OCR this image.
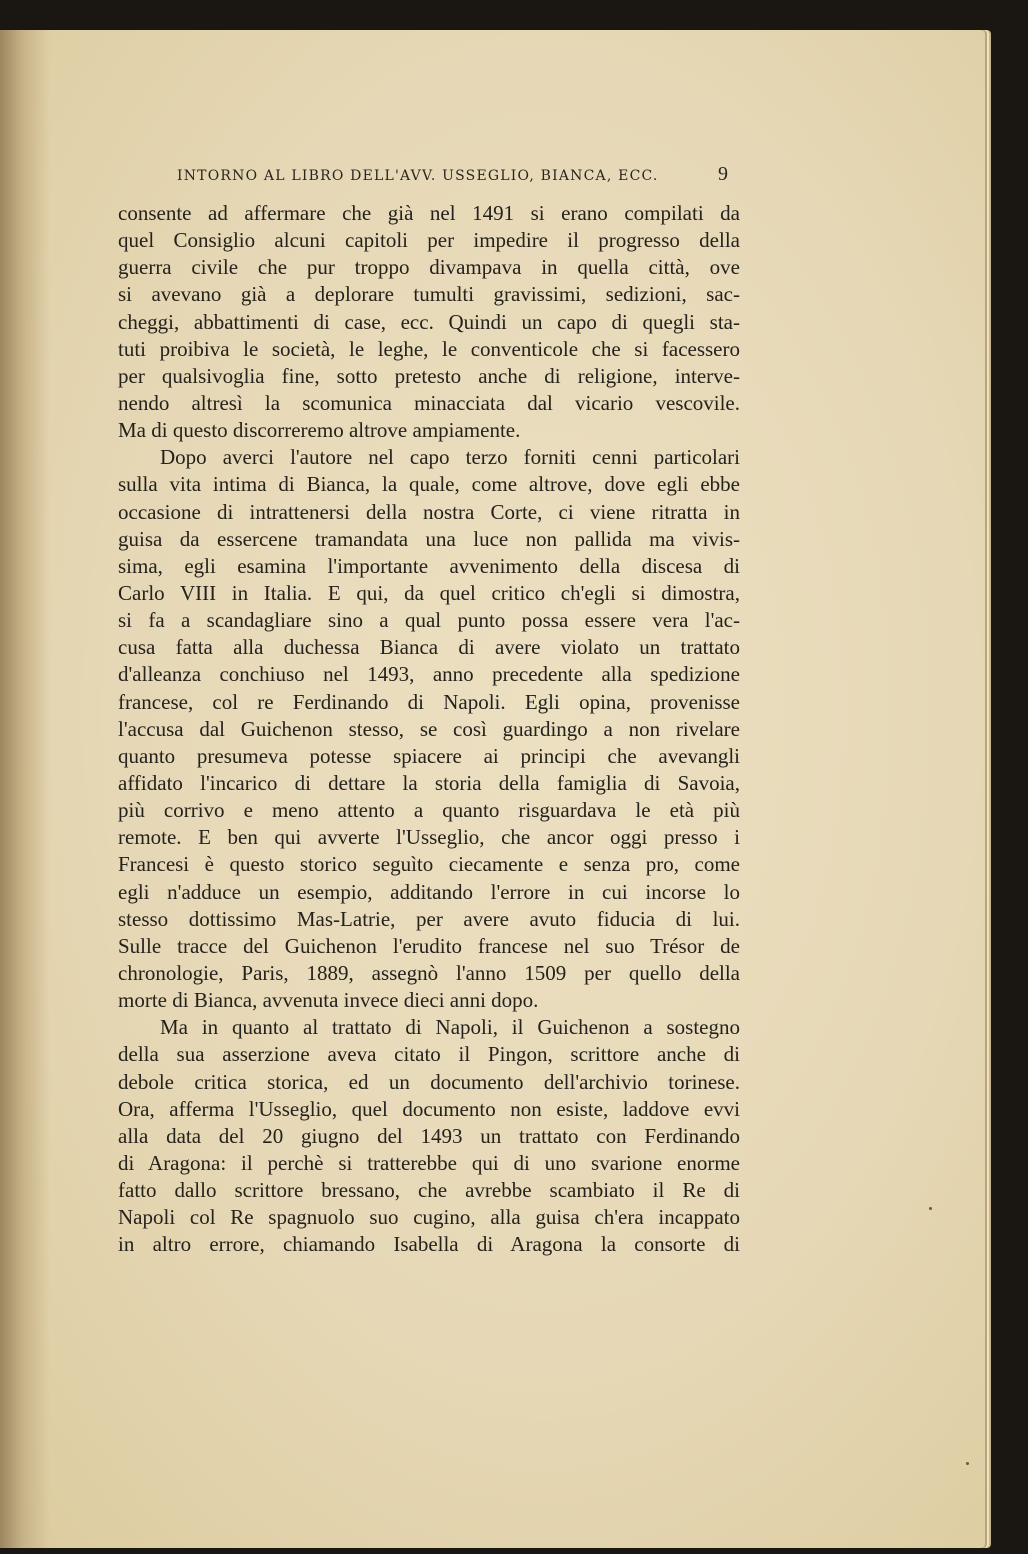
INTORNO AL LIBRO DELL'AVV. USSEGLIO, BIANCA, ECC.	9
consente ad affermare che già nel 1491 si erano compilati da
quel Consiglio alcuni capitoli per impedire il progresso della
guerra civile che pur troppo divampava in quella città, ove
si avevano già a deplorare tumulti gravissimi, sedizioni, sac-
cheggi, abbattimenti di case, ecc. Quindi un capo di quegli sta-
tuti proibiva le società, le leghe, le conventicole che si facessero
per qualsivoglia fine, sotto pretesto anche di religione, interve-
nendo altresì la scomunica minacciata dal vicario vescovile.
Ma di questo discorreremo altrove ampiamente.
Dopo averci l'autore nel capo terzo forniti cenni particolari
sulla vita intima di Bianca, la quale, come altrove, dove egli ebbe
occasione di intrattenersi della nostra Corte, ci viene ritratta in
guisa da essercene tramandata una luce non pallida ma vivis-
sima, egli esamina l'importante avvenimento della discesa di
Carlo VIII in Italia. E qui, da quel critico ch'egli si dimostra,
si fa a scandagliare sino a qual punto possa essere vera l'ac-
cusa fatta alla duchessa Bianca di avere violato un trattato
d'alleanza conchiuso nel 1493, anno precedente alla spedizione
francese, col re Ferdinando di Napoli. Egli opina, provenisse
l'accusa dal Guichenon stesso, se così guardingo a non rivelare
quanto presumeva potesse spiacere ai principi che avevangli
affidato l'incarico di dettare la storia della famiglia di Savoia,
più corrivo e meno attento a quanto risguardava le età più
remote. E ben qui avverte l'Usseglio, che ancor oggi presso i
Francesi è questo storico seguìto ciecamente e senza pro, come
egli n'adduce un esempio, additando l'errore in cui incorse lo
stesso dottissimo Mas-Latrie, per avere avuto fiducia di lui.
Sulle tracce del Guichenon l'erudito francese nel suo Trésor de
chronologie, Paris, 1889, assegnò l'anno 1509 per quello della
morte di Bianca, avvenuta invece dieci anni dopo.
Ma in quanto al trattato di Napoli, il Guichenon a sostegno
della sua asserzione aveva citato il Pingon, scrittore anche di
debole critica storica, ed un documento dell'archivio torinese.
Ora, afferma l'Usseglio, quel documento non esiste, laddove evvi
alla data del 20 giugno del 1493 un trattato con Ferdinando
di Aragona: il perchè si tratterebbe qui di uno svarione enorme
fatto dallo scrittore bressano, che avrebbe scambiato il Re di
Napoli col Re spagnuolo suo cugino, alla guisa ch'era incappato
in altro errore, chiamando Isabella di Aragona la consorte di
